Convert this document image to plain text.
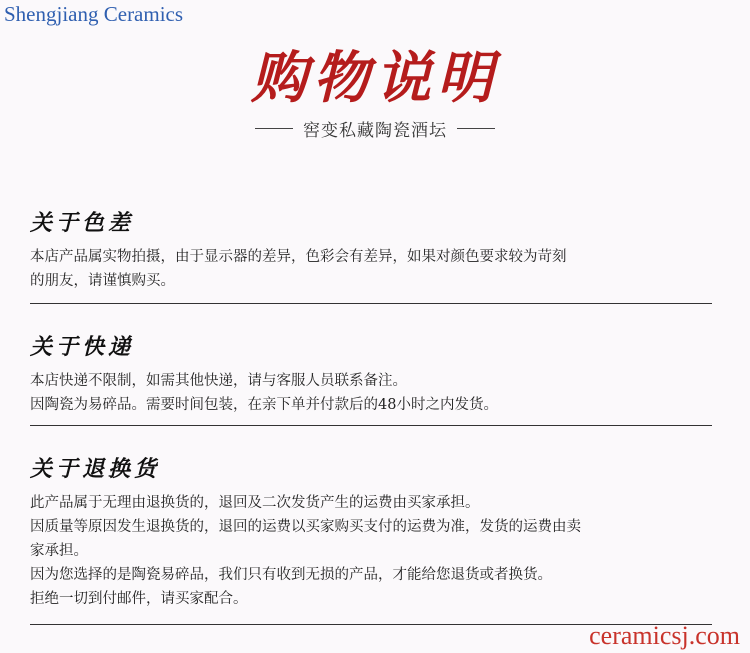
Shengjiang Ceramics
购物说明
窖变私藏陶瓷酒坛
关于色差
本店产品属实物拍摄，由于显示器的差异，色彩会有差异，如果对颜色要求较为苛刻
的朋友，请谨慎购买。
关于快递
本店快递不限制，如需其他快递，请与客服人员联系备注。
因陶瓷为易碎品。需要时间包装，在亲下单并付款后的48小时之内发货。
关于退换货
此产品属于无理由退换货的，退回及二次发货产生的运费由买家承担。
因质量等原因发生退换货的，退回的运费以买家购买支付的运费为准，发货的运费由卖
家承担。
因为您选择的是陶瓷易碎品，我们只有收到无损的产品，才能给您退货或者换货。
拒绝一切到付邮件，请买家配合。
ceramicsj.com
